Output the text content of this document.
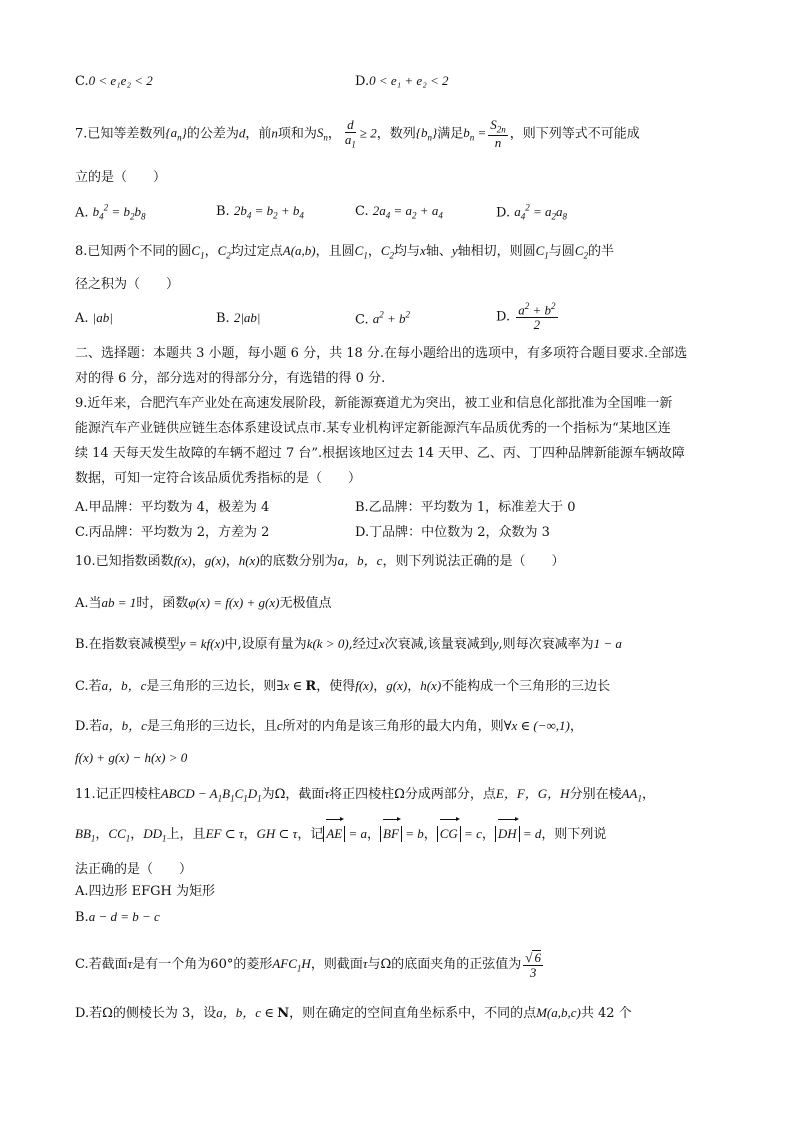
C.0 < e₁e₂ < 2	D.0 < e₁ + e₂ < 2
7.已知等差数列$\{a_n\}$的公差为d，前n项和为$S_n$， $\frac{d}{a_1} \ge 2$，数列$\{b_n\}$满足$b_n = \frac{S_{2n}}{n}$ ，则下列等式不可能成
立的是（　　）
A. $b_4^2 = b_2b_8$	B. $2b_4 = b_2 + b_4$	C. $2a_4 = a_2 + a_4$	D. $a_4^2 = a_2a_8$
8.已知两个不同的圆$C_1$，$C_2$均过定点A(a,b)，且圆$C_1$，$C_2$均与x轴、y轴相切，则圆$C_1$与圆$C_2$的半
径之积为（　　）
A. |ab|	B. 2|ab|	C. $a^2 + b^2$	D. $\frac{a^2 + b^2}{2}$
二、选择题：本题共 3 小题，每小题 6 分，共 18 分.在每小题给出的选项中，有多项符合题目要求.全部选
对的得 6 分，部分选对的得部分分，有选错的得 0 分.
9.近年来，合肥汽车产业处在高速发展阶段，新能源赛道尤为突出，被工业和信息化部批准为全国唯一新
能源汽车产业链供应链生态体系建设试点市.某专业机构评定新能源汽车品质优秀的一个指标为“某地区连
续 14 天每天发生故障的车辆不超过 7 台”.根据该地区过去 14 天甲、乙、丙、丁四种品牌新能源车辆故障
数据，可知一定符合该品质优秀指标的是（　　）
A.甲品牌：平均数为 4，极差为 4	B.乙品牌：平均数为 1，标准差大于 0
C.丙品牌：平均数为 2，方差为 2	D.丁品牌：中位数为 2，众数为 3
10.已知指数函数f(x)，g(x)，h(x)的底数分别为a，b，c，则下列说法正确的是（　　）
A.当ab = 1时，函数φ(x) = f(x) + g(x)无极值点
B.在指数衰减模型y = kf(x)中,设原有量为k(k > 0),经过x次衰减,该量衰减到y,则每次衰减率为1 − a
C.若a，b，c是三角形的三边长，则∃x ∈ R，使得f(x)，g(x)，h(x)不能构成一个三角形的三边长
D.若a，b，c是三角形的三边长，且c所对的内角是该三角形的最大内角，则∀x ∈ (−∞,1)，
f(x) + g(x) − h(x) > 0
11.记正四棱柱ABCD − $A_1B_1C_1D_1$为Ω，截面τ将正四棱柱Ω分成两部分，点E，F，G，H分别在棱$AA_1$，
$BB_1$，$CC_1$，$DD_1$上，且EF ⊂ τ，GH ⊂ τ，记 AE = a， BF = b， CG = c， DH = d，则下列说
法正确的是（　　）
A.四边形 EFGH 为矩形
B.a − d = b − c
C.若截面τ是有一个角为60°的菱形$AFC_1H$，则截面τ与Ω的底面夹角的正弦值为 $\frac{√ 6}{3}$
D.若Ω的侧棱长为 3，设a，b，c ∈ N，则在确定的空间直角坐标系中，不同的点M(a,b,c)共 42 个
